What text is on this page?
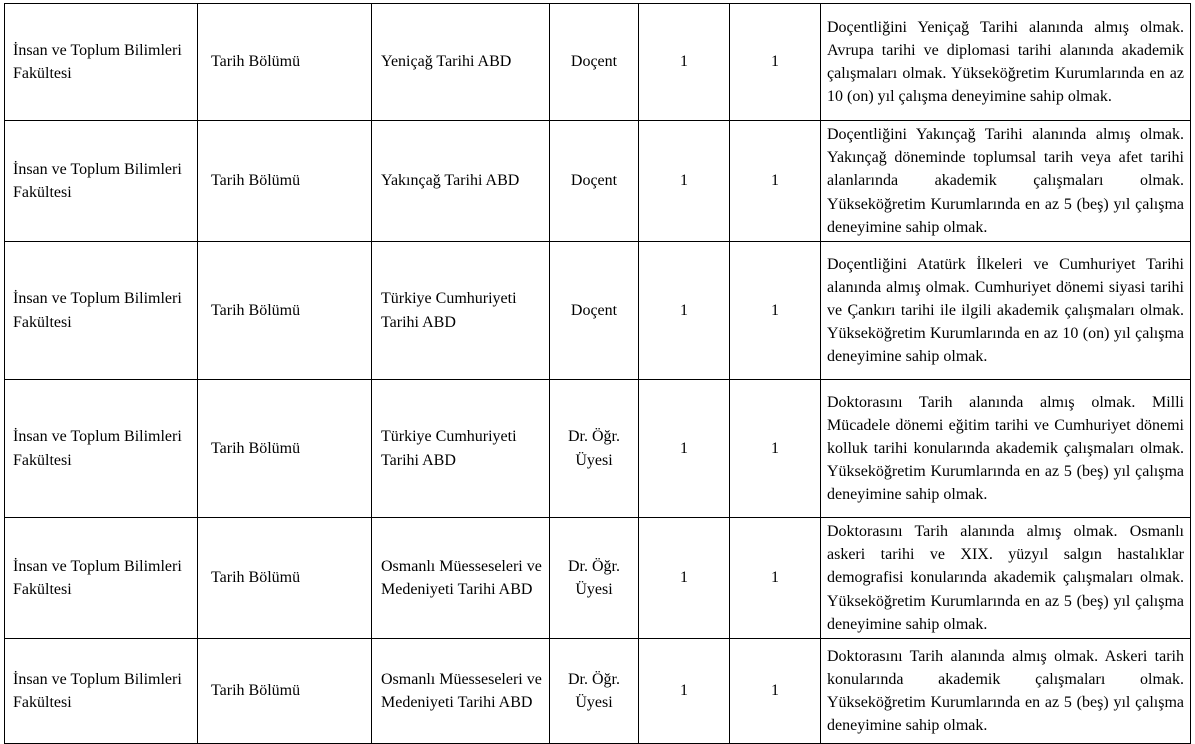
İnsan ve Toplum Bilimleri Fakültesi	Tarih Bölümü	Yeniçağ Tarihi ABD	Doçent	1	1	Doçentliğini Yeniçağ Tarihi alanında almış olmak. Avrupa tarihi ve diplomasi tarihi alanında akademik çalışmaları olmak. Yükseköğretim Kurumlarında en az 10 (on) yıl çalışma deneyimine sahip olmak.
İnsan ve Toplum Bilimleri Fakültesi	Tarih Bölümü	Yakınçağ Tarihi ABD	Doçent	1	1	Doçentliğini Yakınçağ Tarihi alanında almış olmak. Yakınçağ döneminde toplumsal tarih veya afet tarihi alanlarında akademik çalışmaları olmak. Yükseköğretim Kurumlarında en az 5 (beş) yıl çalışma deneyimine sahip olmak.
İnsan ve Toplum Bilimleri Fakültesi	Tarih Bölümü	Türkiye Cumhuriyeti Tarihi ABD	Doçent	1	1	Doçentliğini Atatürk İlkeleri ve Cumhuriyet Tarihi alanında almış olmak. Cumhuriyet dönemi siyasi tarihi ve Çankırı tarihi ile ilgili akademik çalışmaları olmak. Yükseköğretim Kurumlarında en az 10 (on) yıl çalışma deneyimine sahip olmak.
İnsan ve Toplum Bilimleri Fakültesi	Tarih Bölümü	Türkiye Cumhuriyeti Tarihi ABD	Dr. Öğr. Üyesi	1	1	Doktorasını Tarih alanında almış olmak. Milli Mücadele dönemi eğitim tarihi ve Cumhuriyet dönemi kolluk tarihi konularında akademik çalışmaları olmak. Yükseköğretim Kurumlarında en az 5 (beş) yıl çalışma deneyimine sahip olmak.
İnsan ve Toplum Bilimleri Fakültesi	Tarih Bölümü	Osmanlı Müesseseleri ve Medeniyeti Tarihi ABD	Dr. Öğr. Üyesi	1	1	Doktorasını Tarih alanında almış olmak. Osmanlı askeri tarihi ve XIX. yüzyıl salgın hastalıklar demografisi konularında akademik çalışmaları olmak. Yükseköğretim Kurumlarında en az 5 (beş) yıl çalışma deneyimine sahip olmak.
İnsan ve Toplum Bilimleri Fakültesi	Tarih Bölümü	Osmanlı Müesseseleri ve Medeniyeti Tarihi ABD	Dr. Öğr. Üyesi	1	1	Doktorasını Tarih alanında almış olmak. Askeri tarih konularında akademik çalışmaları olmak. Yükseköğretim Kurumlarında en az 5 (beş) yıl çalışma deneyimine sahip olmak.
